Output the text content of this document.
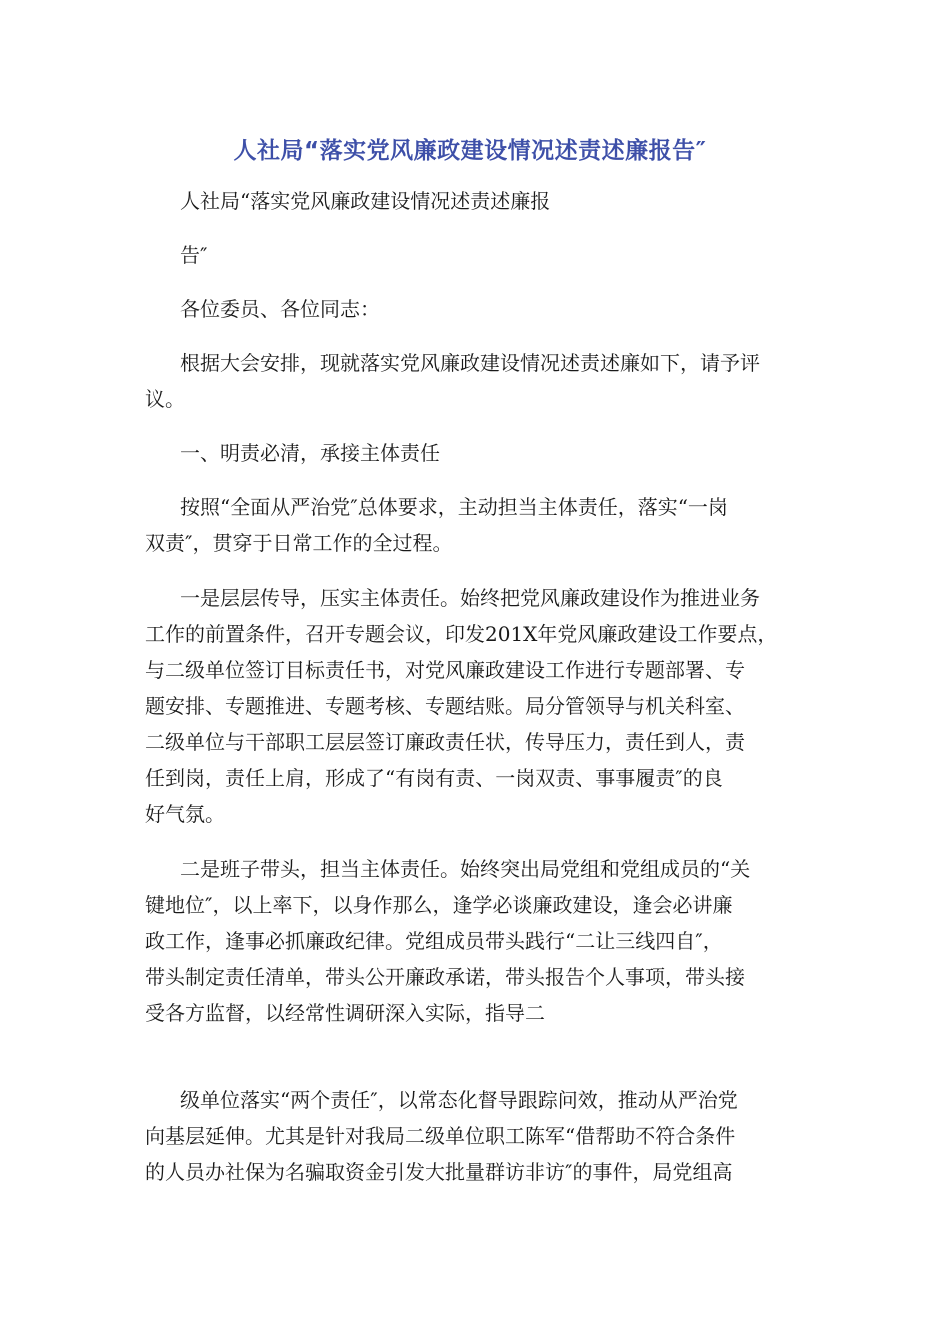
人社局“落实党风廉政建设情况述责述廉报告″
人社局“落实党风廉政建设情况述责述廉报
告″
各位委员、各位同志：
根据大会安排，现就落实党风廉政建设情况述责述廉如下，请予评
议。
一、明责必清，承接主体责任
按照“全面从严治党″总体要求，主动担当主体责任，落实“一岗
双责″，贯穿于日常工作的全过程。
一是层层传导，压实主体责任。始终把党风廉政建设作为推进业务
工作的前置条件，召开专题会议，印发201X年党风廉政建设工作要点，
与二级单位签订目标责任书，对党风廉政建设工作进行专题部署、专
题安排、专题推进、专题考核、专题结账。局分管领导与机关科室、
二级单位与干部职工层层签订廉政责任状，传导压力，责任到人，责
任到岗，责任上肩，形成了“有岗有责、一岗双责、事事履责″的良
好气氛。
二是班子带头，担当主体责任。始终突出局党组和党组成员的“关
键地位″，以上率下，以身作那么，逢学必谈廉政建设，逢会必讲廉
政工作，逢事必抓廉政纪律。党组成员带头践行“二让三线四自″，
带头制定责任清单，带头公开廉政承诺，带头报告个人事项，带头接
受各方监督，以经常性调研深入实际，指导二
级单位落实“两个责任″，以常态化督导跟踪问效，推动从严治党
向基层延伸。尤其是针对我局二级单位职工陈军“借帮助不符合条件
的人员办社保为名骗取资金引发大批量群访非访″的事件，局党组高
